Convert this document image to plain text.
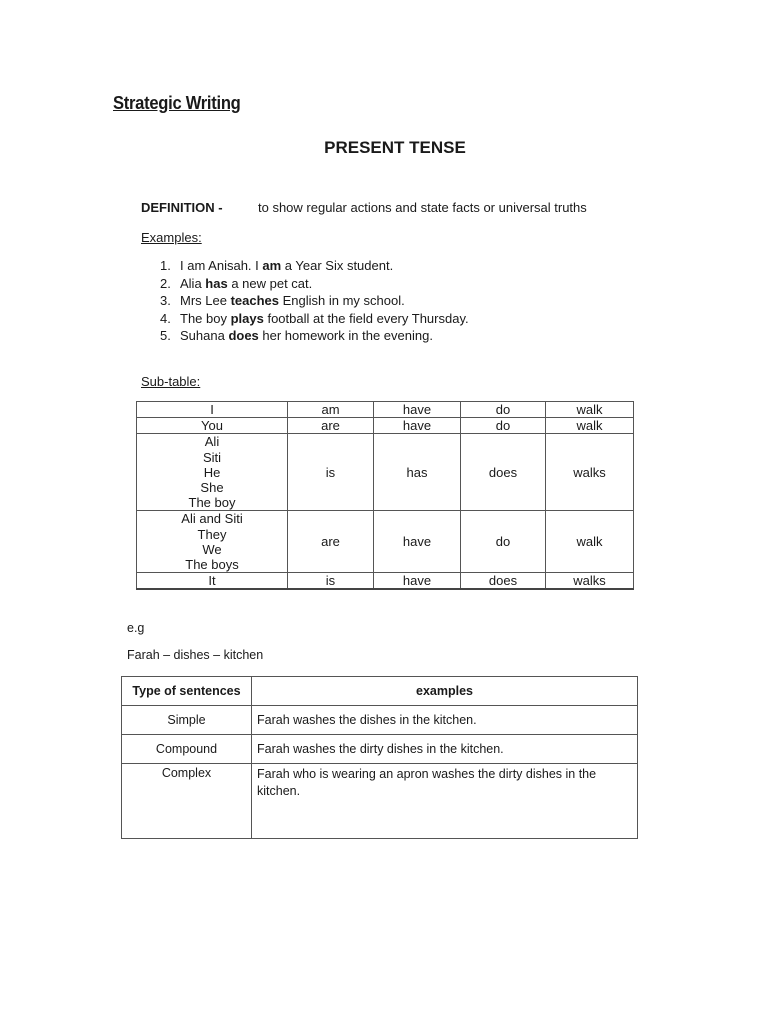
Strategic Writing
PRESENT TENSE
DEFINITION -	to show regular actions and state facts or universal truths
Examples:
1. I am Anisah. I am a Year Six student.
2. Alia has a new pet cat.
3. Mrs Lee teaches English in my school.
4. The boy plays football at the field every Thursday.
5. Suhana does her homework in the evening.
Sub-table:
I	am	have	do	walk

You	are	have	do	walk

Ali
Siti
He
She
The boy	is	has	does	walks

Ali and Siti
They
We
The boys	are	have	do	walk

It	is	have	does	walks
e.g
Farah – dishes – kitchen
Type of sentences	examples
Simple	Farah washes the dishes in the kitchen.
Compound	Farah washes the dirty dishes in the kitchen.
Complex	Farah who is wearing an apron washes the dirty dishes in the kitchen.
